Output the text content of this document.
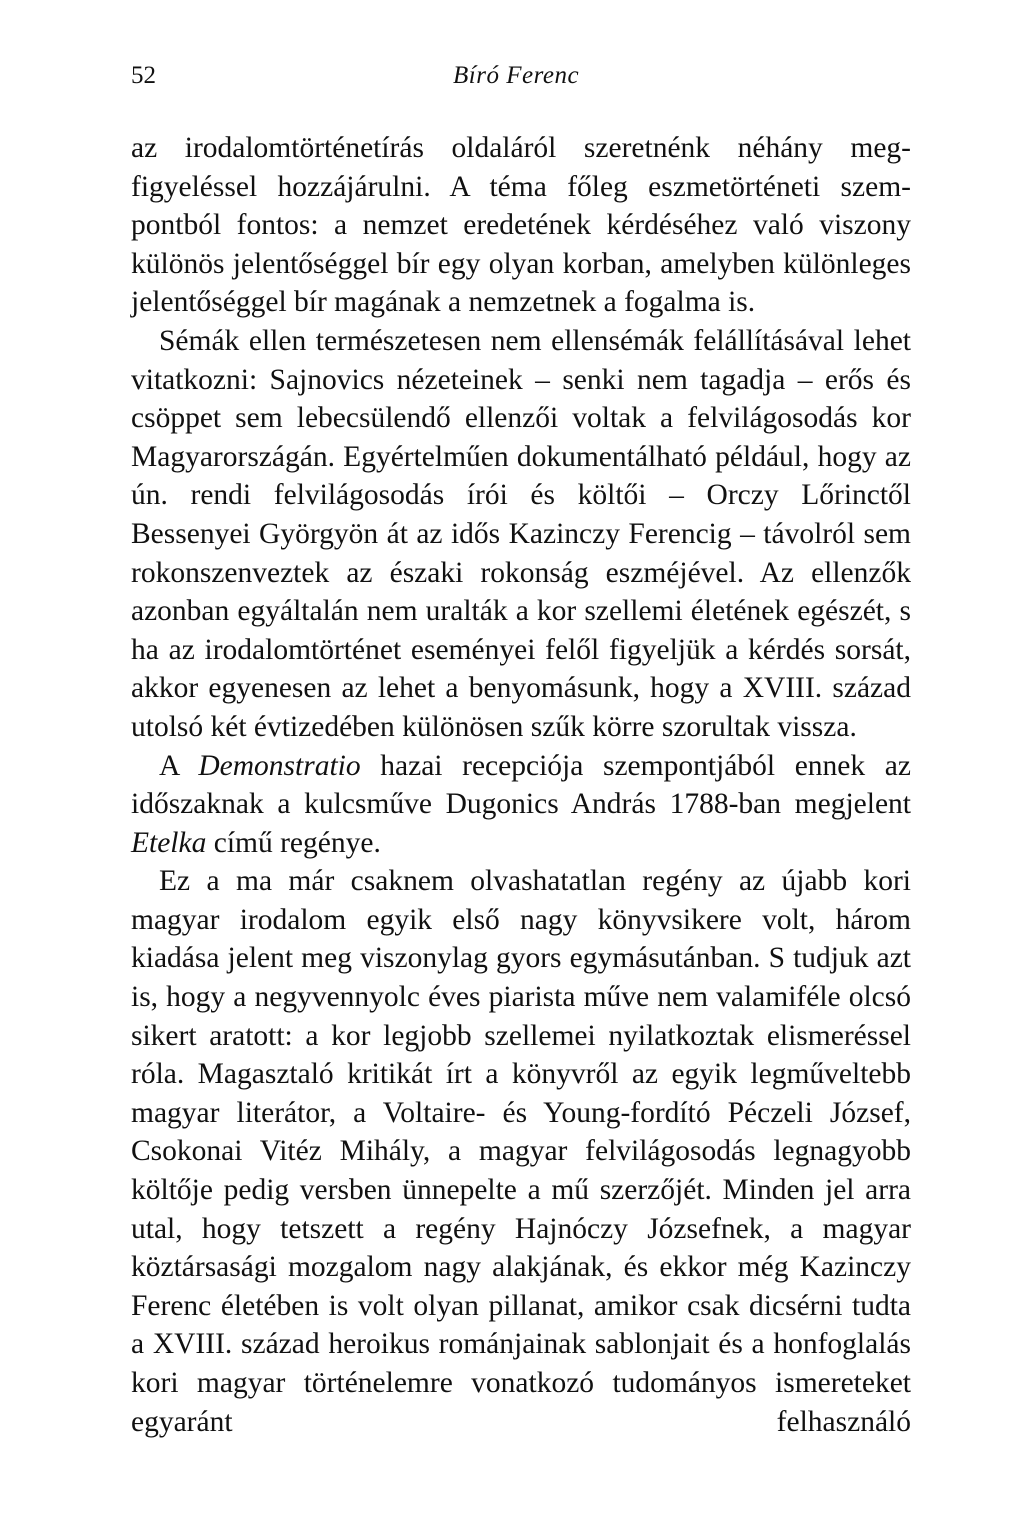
52	Bíró Ferenc

az irodalomtörténetírás oldaláról szeretnénk néhány megfigyeléssel hozzájárulni. A téma főleg eszmetörténeti szempontból fontos: a nemzet eredetének kérdéséhez való viszony különös jelentőséggel bír egy olyan korban, amelyben különleges jelentőséggel bír magának a nemzetnek a fogalma is.

Sémák ellen természetesen nem ellensémák felállításával lehet vitatkozni: Sajnovics nézeteinek – senki nem tagadja – erős és csöppet sem lebecsülendő ellenzői voltak a felvilágosodás kor Magyarországán. Egyértelműen dokumentálható például, hogy az ún. rendi felvilágosodás írói és költői – Orczy Lőrinctől Bessenyei Györgyön át az idős Kazinczy Ferencig – távolról sem rokonszenveztek az északi rokonság eszméjével. Az ellenzők azonban egyáltalán nem uralták a kor szellemi életének egészét, s ha az irodalomtörténet eseményei felől figyeljük a kérdés sorsát, akkor egyenesen az lehet a benyomásunk, hogy a XVIII. század utolsó két évtizedében különösen szűk körre szorultak vissza.

A Demonstratio hazai recepciója szempontjából ennek az időszaknak a kulcsműve Dugonics András 1788-ban megjelent Etelka című regénye.

Ez a ma már csaknem olvashatatlan regény az újabb kori magyar irodalom egyik első nagy könyvsikere volt, három kiadása jelent meg viszonylag gyors egymásutánban. S tudjuk azt is, hogy a negyvennyolc éves piarista műve nem valamiféle olcsó sikert aratott: a kor legjobb szellemei nyilatkoztak elismeréssel róla. Magasztaló kritikát írt a könyvről az egyik legműveltebb magyar literátor, a Voltaire- és Young-fordító Péczeli József, Csokonai Vitéz Mihály, a magyar felvilágosodás legnagyobb költője pedig versben ünnepelte a mű szerzőjét. Minden jel arra utal, hogy tetszett a regény Hajnóczy Józsefnek, a magyar köztársasági mozgalom nagy alakjának, és ekkor még Kazinczy Ferenc életében is volt olyan pillanat, amikor csak dicsérni tudta a XVIII. század heroikus románjainak sablonjait és a honfoglalás kori magyar történelemre vonatkozó tudományos ismereteket egyaránt felhasználó
